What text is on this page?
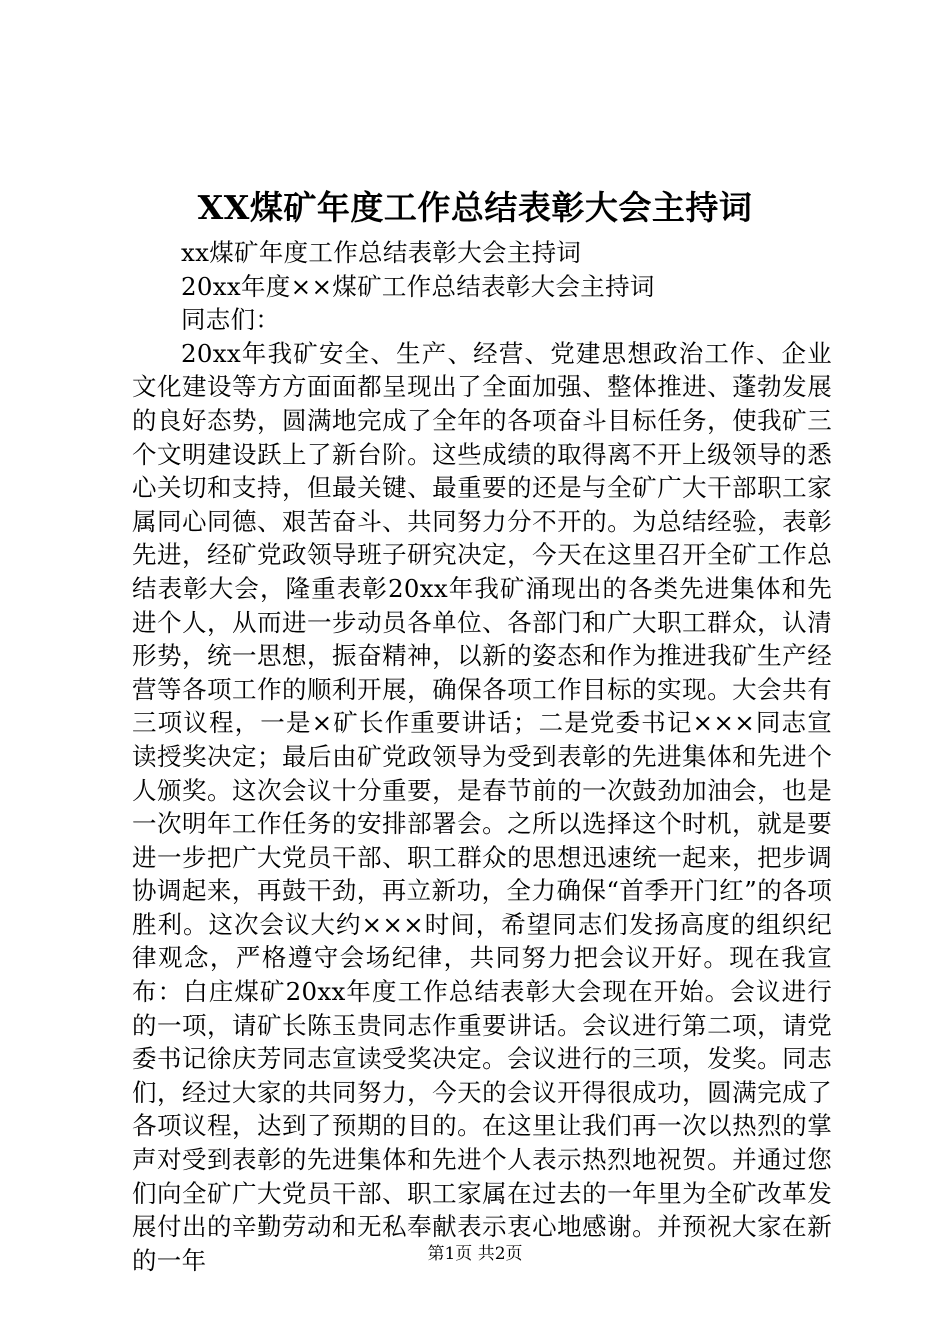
XX煤矿年度工作总结表彰大会主持词

xx煤矿年度工作总结表彰大会主持词

20xx年度××煤矿工作总结表彰大会主持词

同志们：

20xx年我矿安全、生产、经营、党建思想政治工作、企业文化建设等方方面面都呈现出了全面加强、整体推进、蓬勃发展的良好态势，圆满地完成了全年的各项奋斗目标任务，使我矿三个文明建设跃上了新台阶。这些成绩的取得离不开上级领导的悉心关切和支持，但最关键、最重要的还是与全矿广大干部职工家属同心同德、艰苦奋斗、共同努力分不开的。为总结经验，表彰先进，经矿党政领导班子研究决定，今天在这里召开全矿工作总结表彰大会，隆重表彰20xx年我矿涌现出的各类先进集体和先进个人，从而进一步动员各单位、各部门和广大职工群众，认清形势，统一思想，振奋精神，以新的姿态和作为推进我矿生产经营等各项工作的顺利开展，确保各项工作目标的实现。大会共有三项议程，一是×矿长作重要讲话；二是党委书记×××同志宣读授奖决定；最后由矿党政领导为受到表彰的先进集体和先进个人颁奖。这次会议十分重要，是春节前的一次鼓劲加油会，也是一次明年工作任务的安排部署会。之所以选择这个时机，就是要进一步把广大党员干部、职工群众的思想迅速统一起来，把步调协调起来，再鼓干劲，再立新功，全力确保“首季开门红”的各项胜利。这次会议大约×××时间，希望同志们发扬高度的组织纪律观念，严格遵守会场纪律，共同努力把会议开好。现在我宣布：白庄煤矿20xx年度工作总结表彰大会现在开始。会议进行的一项，请矿长陈玉贵同志作重要讲话。会议进行第二项，请党委书记徐庆芳同志宣读受奖决定。会议进行的三项，发奖。同志们，经过大家的共同努力，今天的会议开得很成功，圆满完成了各项议程，达到了预期的目的。在这里让我们再一次以热烈的掌声对受到表彰的先进集体和先进个人表示热烈地祝贺。并通过您们向全矿广大党员干部、职工家属在过去的一年里为全矿改革发展付出的辛勤劳动和无私奉献表示衷心地感谢。并预祝大家在新的一年	第1页 共2页
